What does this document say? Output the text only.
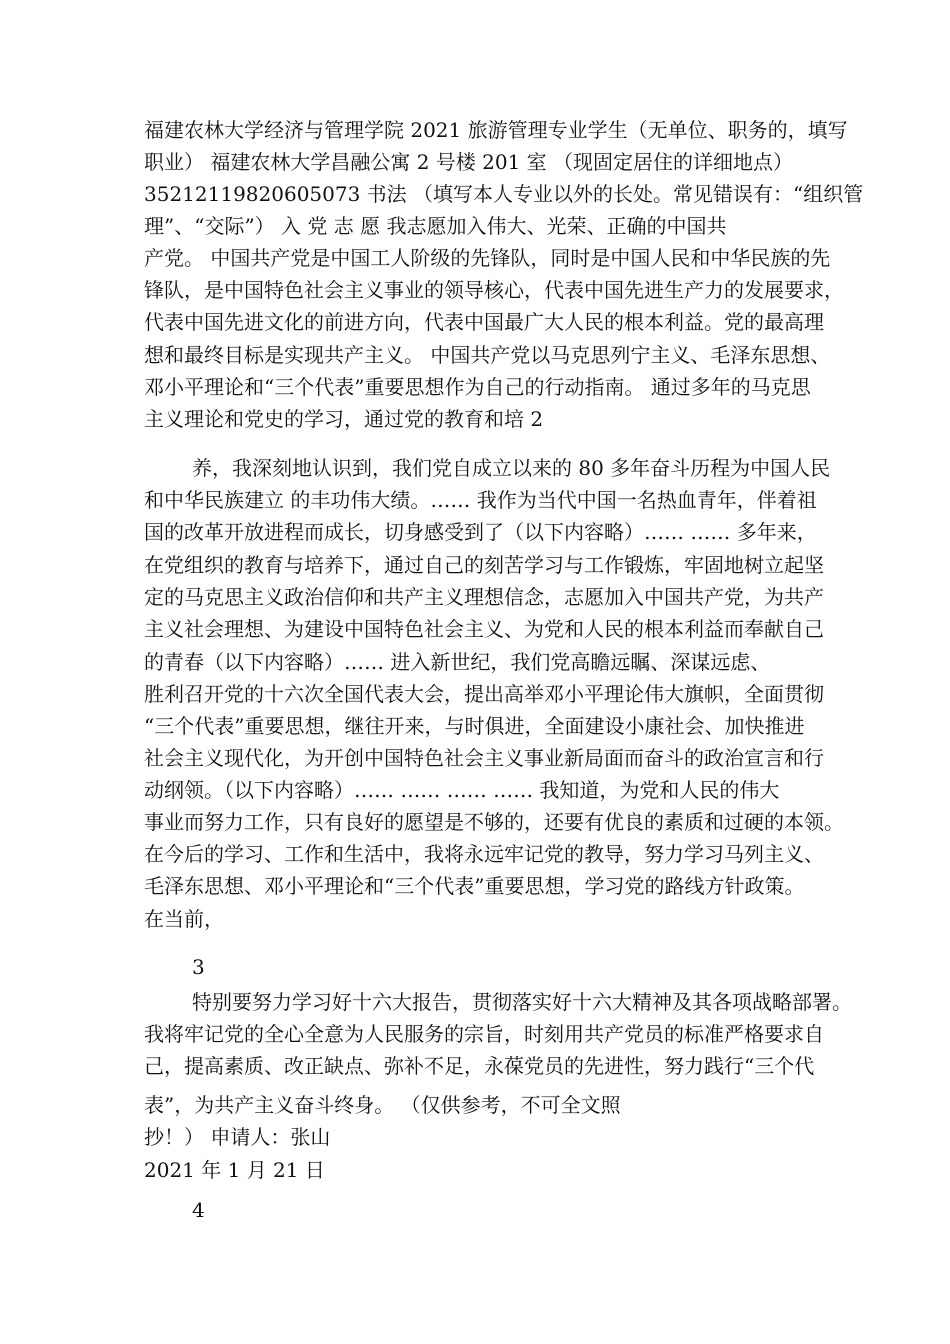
福建农林大学经济与管理学院 2021 旅游管理专业学生（无单位、职务的，填写
职业） 福建农林大学昌融公寓 2 号楼 201 室 （现固定居住的详细地点）
35212119820605073 书法 （填写本人专业以外的长处。常见错误有：“组织管
理”、“交际”） 入 党 志 愿 我志愿加入伟大、光荣、正确的中国共
产党。 中国共产党是中国工人阶级的先锋队，同时是中国人民和中华民族的先
锋队，是中国特色社会主义事业的领导核心，代表中国先进生产力的发展要求，
代表中国先进文化的前进方向，代表中国最广大人民的根本利益。党的最高理
想和最终目标是实现共产主义。 中国共产党以马克思列宁主义、毛泽东思想、
邓小平理论和“三个代表”重要思想作为自己的行动指南。 通过多年的马克思
主义理论和党史的学习，通过党的教育和培 2
养，我深刻地认识到，我们党自成立以来的 80 多年奋斗历程为中国人民
和中华民族建立 的丰功伟大绩。…… 我作为当代中国一名热血青年，伴着祖
国的改革开放进程而成长，切身感受到了（以下内容略）…… …… 多年来，
在党组织的教育与培养下，通过自己的刻苦学习与工作锻炼，牢固地树立起坚
定的马克思主义政治信仰和共产主义理想信念，志愿加入中国共产党，为共产
主义社会理想、为建设中国特色社会主义、为党和人民的根本利益而奉献自己
的青春（以下内容略）…… 进入新世纪，我们党高瞻远瞩、深谋远虑、
胜利召开党的十六次全国代表大会，提出高举邓小平理论伟大旗帜，全面贯彻
“三个代表”重要思想，继往开来，与时俱进，全面建设小康社会、加快推进
社会主义现代化，为开创中国特色社会主义事业新局面而奋斗的政治宣言和行
动纲领。（以下内容略）…… …… …… …… 我知道，为党和人民的伟大
事业而努力工作，只有良好的愿望是不够的，还要有优良的素质和过硬的本领。
在今后的学习、工作和生活中，我将永远牢记党的教导，努力学习马列主义、
毛泽东思想、邓小平理论和“三个代表”重要思想，学习党的路线方针政策。
在当前，
3
特别要努力学习好十六大报告，贯彻落实好十六大精神及其各项战略部署。
我将牢记党的全心全意为人民服务的宗旨，时刻用共产党员的标准严格要求自
己，提高素质、改正缺点、弥补不足，永葆党员的先进性，努力践行“三个代
表”，为共产主义奋斗终身。 （仅供参考，不可全文照
抄！） 申请人：张山
2021 年 1 月 21 日
4
